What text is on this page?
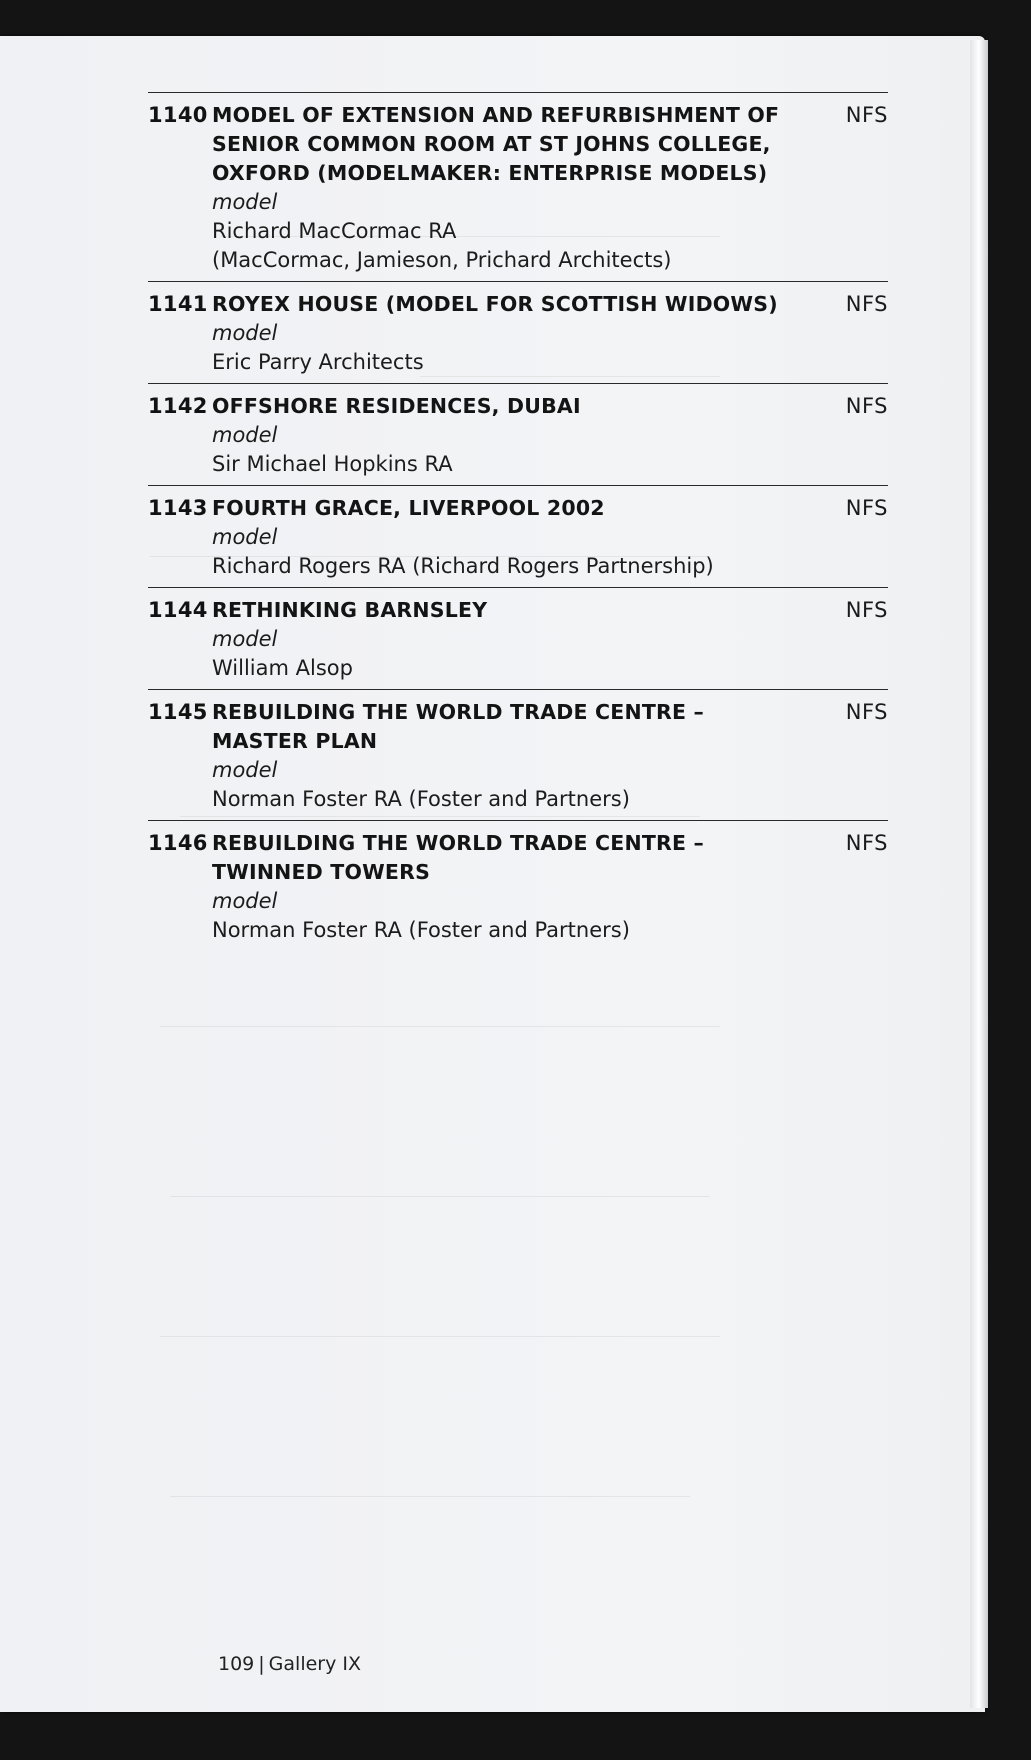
1140 MODEL OF EXTENSION AND REFURBISHMENT OF
SENIOR COMMON ROOM AT ST JOHNS COLLEGE,
OXFORD (MODELMAKER: ENTERPRISE MODELS)
model
Richard MacCormac RA
(MacCormac, Jamieson, Prichard Architects)
NFS
1141 ROYEX HOUSE (MODEL FOR SCOTTISH WIDOWS)
model
Eric Parry Architects
NFS
1142 OFFSHORE RESIDENCES, DUBAI
model
Sir Michael Hopkins RA
NFS
1143 FOURTH GRACE, LIVERPOOL 2002
model
Richard Rogers RA (Richard Rogers Partnership)
NFS
1144 RETHINKING BARNSLEY
model
William Alsop
NFS
1145 REBUILDING THE WORLD TRADE CENTRE –
MASTER PLAN
model
Norman Foster RA (Foster and Partners)
NFS
1146 REBUILDING THE WORLD TRADE CENTRE –
TWINNED TOWERS
model
Norman Foster RA (Foster and Partners)
NFS
109 | Gallery IX
